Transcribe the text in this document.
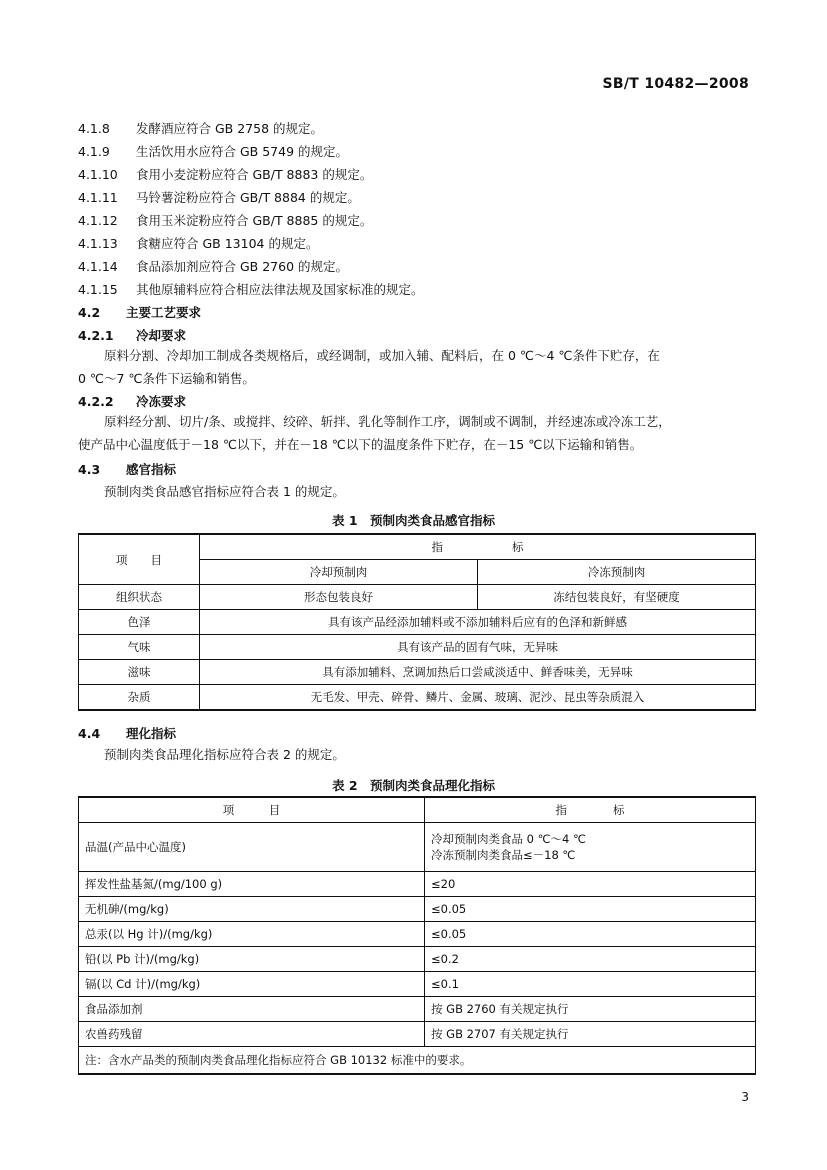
SB/T 10482—2008
4.1.8 发酵酒应符合 GB 2758 的规定。
4.1.9 生活饮用水应符合 GB 5749 的规定。
4.1.10 食用小麦淀粉应符合 GB/T 8883 的规定。
4.1.11 马铃薯淀粉应符合 GB/T 8884 的规定。
4.1.12 食用玉米淀粉应符合 GB/T 8885 的规定。
4.1.13 食糖应符合 GB 13104 的规定。
4.1.14 食品添加剂应符合 GB 2760 的规定。
4.1.15 其他原辅料应符合相应法律法规及国家标准的规定。
4.2 主要工艺要求
4.2.1 冷却要求
原料分割、冷却加工制成各类规格后，或经调制，或加入辅、配料后，在 0 ℃～4 ℃条件下贮存，在
0 ℃～7 ℃条件下运输和销售。
4.2.2 冷冻要求
原料经分割、切片/条、或搅拌、绞碎、斩拌、乳化等制作工序，调制或不调制，并经速冻或冷冻工艺，
使产品中心温度低于－18 ℃以下，并在－18 ℃以下的温度条件下贮存，在－15 ℃以下运输和销售。
4.3 感官指标
预制肉类食品感官指标应符合表 1 的规定。
表 1　预制肉类食品感官指标
项　　目	指　　　　　　标	
	冷却预制肉	冷冻预制肉
组织状态	形态包装良好	冻结包装良好，有坚硬度
色泽	具有该产品经添加辅料或不添加辅料后应有的色泽和新鲜感	
气味	具有该产品的固有气味，无异味	
滋味	具有添加辅料、烹调加热后口尝咸淡适中、鲜香味美，无异味	
杂质	无毛发、甲壳、碎骨、鳞片、金属、玻璃、泥沙、昆虫等杂质混入	
4.4 理化指标
预制肉类食品理化指标应符合表 2 的规定。
表 2　预制肉类食品理化指标
项　　　目	指　　　　标
品温(产品中心温度)	冷却预制肉类食品 0 ℃～4 ℃
冷冻预制肉类食品≤－18 ℃

挥发性盐基氮/(mg/100 g)	≤20
无机砷/(mg/kg)	≤0.05
总汞(以 Hg 计)/(mg/kg)	≤0.05
铅(以 Pb 计)/(mg/kg)	≤0.2
镉(以 Cd 计)/(mg/kg)	≤0.1
食品添加剂	按 GB 2760 有关规定执行
农兽药残留	按 GB 2707 有关规定执行
注：含水产品类的预制肉类食品理化指标应符合 GB 10132 标准中的要求。	
3
